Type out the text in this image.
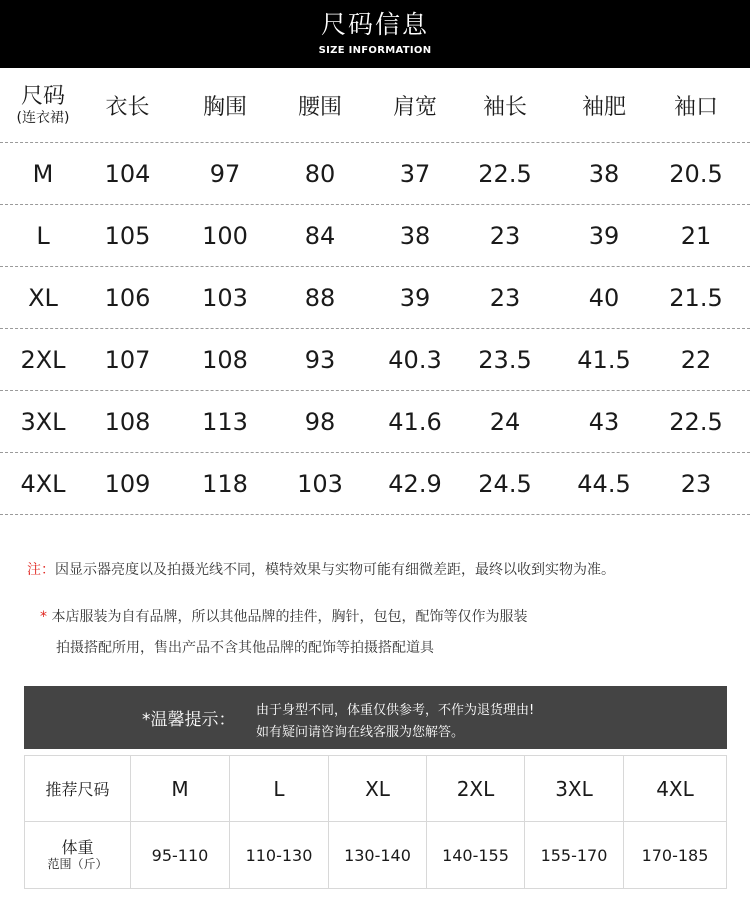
尺码信息
SIZE INFORMATION
尺码
(连衣裙)	衣长	胸围	腰围	肩宽	袖长	袖肥	袖口
M	104	97	80	37	22.5	38	20.5
L	105	100	84	38	23	39	21
XL	106	103	88	39	23	40	21.5
2XL	107	108	93	40.3	23.5	41.5	22
3XL	108	113	98	41.6	24	43	22.5
4XL	109	118	103	42.9	24.5	44.5	23
注：因显示器亮度以及拍摄光线不同，模特效果与实物可能有细微差距，最终以收到实物为准。
* 本店服装为自有品牌，所以其他品牌的挂件，胸针，包包，配饰等仅作为服装
拍摄搭配所用，售出产品不含其他品牌的配饰等拍摄搭配道具
*温馨提示： 由于身型不同，体重仅供参考，不作为退货理由!
如有疑问请咨询在线客服为您解答。
推荐尺码	M	L	XL	2XL	3XL	4XL
体重
范围（斤）	95-110	110-130	130-140	140-155	155-170	170-185
